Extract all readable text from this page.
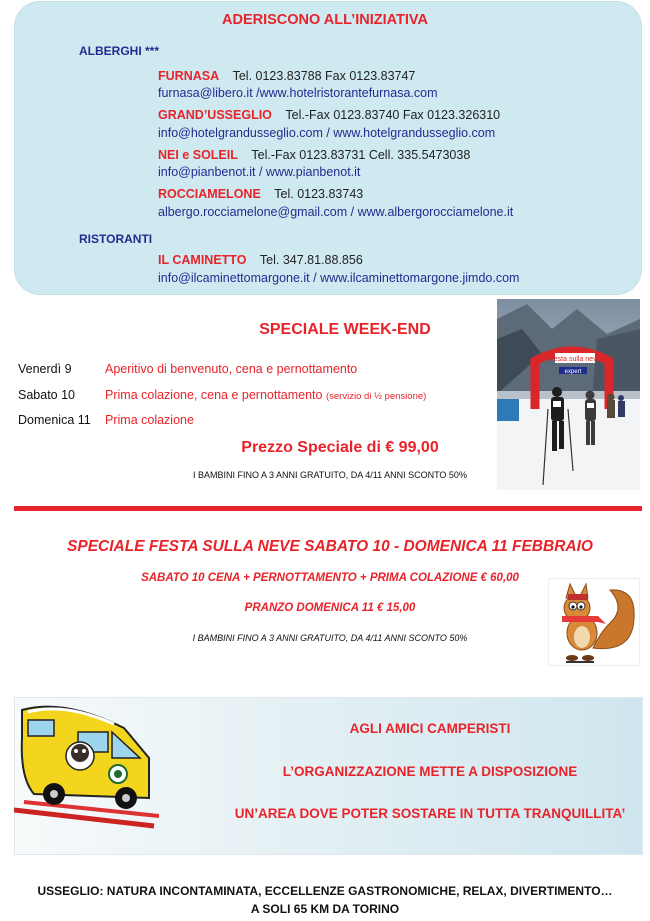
ADERISCONO ALL’INIZIATIVA
ALBERGHI ***
FURNASA Tel. 0123.83788 Fax 0123.83747
furnasa@libero.it /www.hotelristorantefurnasa.com
GRAND’USSEGLIO Tel.-Fax 0123.83740 Fax 0123.326310
info@hotelgrandusseglio.com / www.hotelgrandusseglio.com
NEI e SOLEIL Tel.-Fax 0123.83731 Cell. 335.5473038
info@pianbenot.it / www.pianbenot.it
ROCCIAMELONE Tel. 0123.83743
albergo.rocciamelone@gmail.com / www.albergorocciamelone.it
RISTORANTI
IL CAMINETTO Tel. 347.81.88.856
info@ilcaminettomargone.it / www.ilcaminettomargone.jimdo.com
SPECIALE WEEK-END
Venerdì 9	Aperitivo di benvenuto, cena e pernottamento
Sabato 10 Prima colazione, cena e pernottamento (servizio di ½ pensione)
Domenica 11 Prima colazione
Prezzo Speciale di € 99,00
I BAMBINI FINO A 3 ANNI GRATUITO, DA 4/11 ANNI SCONTO 50%
Festa sulla neve
expert
SPECIALE FESTA SULLA NEVE SABATO 10 - DOMENICA 11 FEBBRAIO
SABATO 10 CENA + PERNOTTAMENTO + PRIMA COLAZIONE € 60,00
PRANZO DOMENICA 11 € 15,00
I BAMBINI FINO A 3 ANNI GRATUITO, DA 4/11 ANNI SCONTO 50%
AGLI AMICI CAMPERISTI
L’ORGANIZZAZIONE METTE A DISPOSIZIONE
UN’AREA DOVE POTER SOSTARE IN TUTTA TRANQUILLITA’
USSEGLIO: NATURA INCONTAMINATA, ECCELLENZE GASTRONOMICHE, RELAX, DIVERTIMENTO…
A SOLI 65 KM DA TORINO
